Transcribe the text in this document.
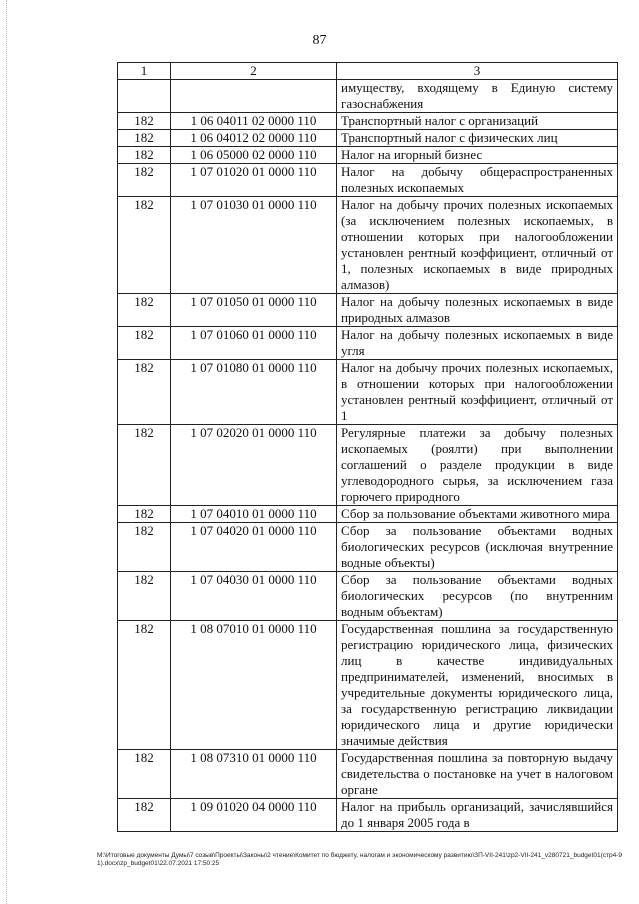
87
1	2	3
		имуществу, входящему в Единую систему газоснабжения
182	1 06 04011 02 0000 110	Транспортный налог с организаций
182	1 06 04012 02 0000 110	Транспортный налог с физических лиц
182	1 06 05000 02 0000 110	Налог на игорный бизнес
182	1 07 01020 01 0000 110	Налог на добычу общераспространенных полезных ископаемых
182	1 07 01030 01 0000 110	Налог на добычу прочих полезных ископаемых (за исключением полезных ископаемых, в отношении которых при налогообложении установлен рентный коэффициент, отличный от 1, полезных ископаемых в виде природных алмазов)
182	1 07 01050 01 0000 110	Налог на добычу полезных ископаемых в виде природных алмазов
182	1 07 01060 01 0000 110	Налог на добычу полезных ископаемых в виде угля
182	1 07 01080 01 0000 110	Налог на добычу прочих полезных ископаемых, в отношении которых при налогообложении установлен рентный коэффициент, отличный от 1
182	1 07 02020 01 0000 110	Регулярные платежи за добычу полезных ископаемых (роялти) при выполнении соглашений о разделе продукции в виде углеводородного сырья, за исключением газа горючего природного
182	1 07 04010 01 0000 110	Сбор за пользование объектами животного мира
182	1 07 04020 01 0000 110	Сбор за пользование объектами водных биологических ресурсов (исключая внутренние водные объекты)
182	1 07 04030 01 0000 110	Сбор за пользование объектами водных биологических ресурсов (по внутренним водным объектам)
182	1 08 07010 01 0000 110	Государственная пошлина за государственную регистрацию юридического лица, физических лиц в качестве индивидуальных предпринимателей, изменений, вносимых в учредительные документы юридического лица, за государственную регистрацию ликвидации юридического лица и другие юридически значимые действия
182	1 08 07310 01 0000 110	Государственная пошлина за повторную выдачу свидетельства о постановке на учет в налоговом органе
182	1 09 01020 04 0000 110	Налог на прибыль организаций, зачислявшийся до 1 января 2005 года в
M:\Итоговые документы Думы\7 созыв\Проекты\Законы\2 чтение\Комитет по бюджету, налогам и экономическому развитию\ЗП-VII-241\zp2-VII-241_v280721_budget01(стр4-91).docx\zp_budget01\22.07.2021 17:50:25
